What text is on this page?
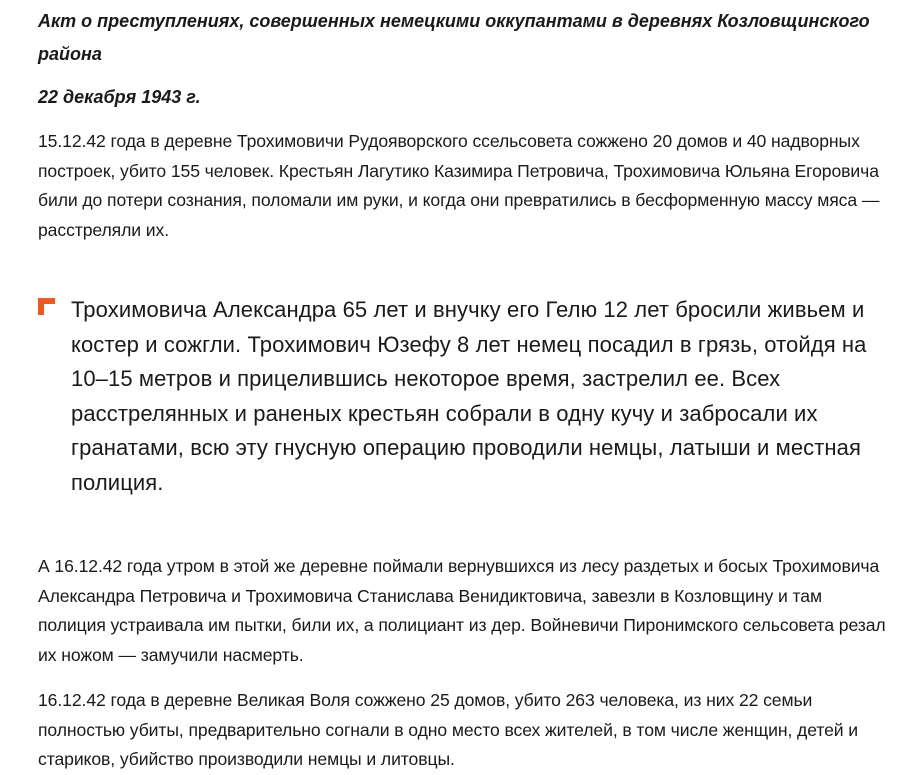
Акт о преступлениях, совершенных немецкими оккупантами в деревнях Козловщинского района

22 декабря 1943 г.

15.12.42 года в деревне Трохимовичи Рудояворского ссельсовета сожжено 20 домов и 40 надворных построек, убито 155 человек. Крестьян Лагутико Казимира Петровича, Трохимовича Юльяна Егоровича били до потери сознания, поломали им руки, и когда они превратились в бесформенную массу мяса — расстреляли их.

Трохимовича Александра 65 лет и внучку его Гелю 12 лет бросили живьем и костер и сожгли. Трохимович Юзефу 8 лет немец посадил в грязь, отойдя на 10–15 метров и прицелившись некоторое время, застрелил ее. Всех расстрелянных и раненых крестьян собрали в одну кучу и забросали их гранатами, всю эту гнусную операцию проводили немцы, латыши и местная полиция.

А 16.12.42 года утром в этой же деревне поймали вернувшихся из лесу раздетых и босых Трохимовича Александра Петровича и Трохимовича Станислава Венидиктовича, завезли в Козловщину и там полиция устраивала им пытки, били их, а полициант из дер. Войневичи Пиронимского сельсовета резал их ножом — замучили насмерть.

16.12.42 года в деревне Великая Воля сожжено 25 домов, убито 263 человека, из них 22 семьи полностью убиты, предварительно согнали в одно место всех жителей, в том числе женщин, детей и стариков, убийство производили немцы и литовцы.
